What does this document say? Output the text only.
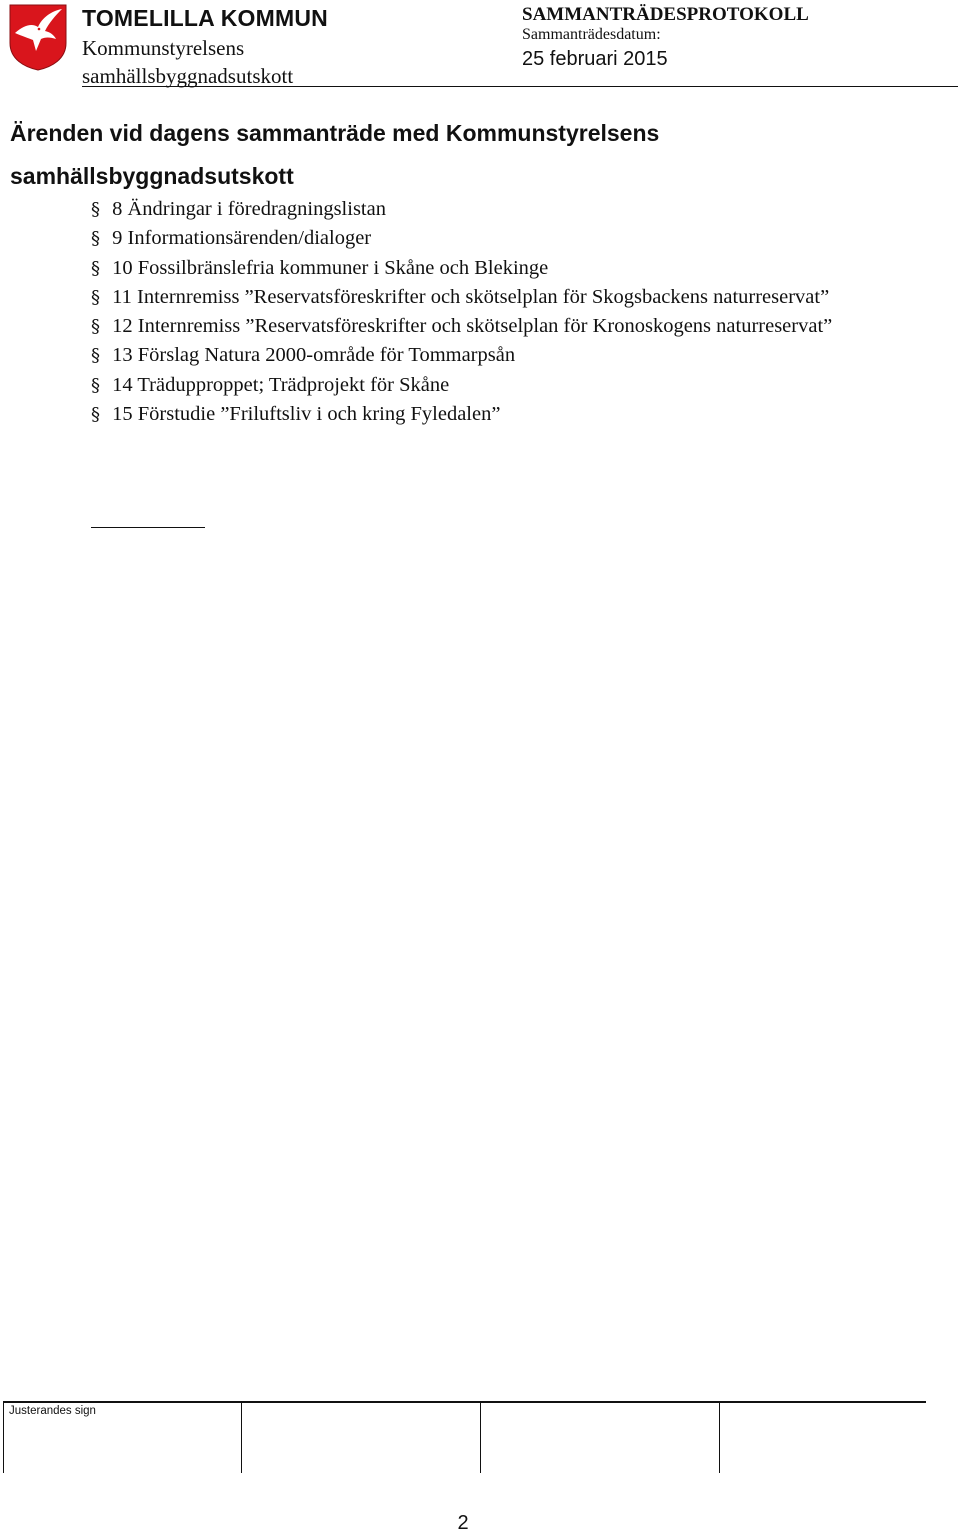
TOMELILLA KOMMUN
Kommunstyrelsens
samhällsbyggnadsutskott
SAMMANTRÄDESPROTOKOLL
Sammanträdesdatum:
25 februari 2015
Ärenden vid dagens sammanträde med Kommunstyrelsens samhällsbyggnadsutskott
§ 8 Ändringar i föredragningslistan
§ 9 Informationsärenden/dialoger
§ 10 Fossilbränslefria kommuner i Skåne och Blekinge
§ 11 Internremiss ”Reservatsföreskrifter och skötselplan för Skogsbackens naturreservat”
§ 12 Internremiss ”Reservatsföreskrifter och skötselplan för Kronoskogens naturreservat”
§ 13 Förslag Natura 2000-område för Tommarpsån
§ 14 Trädupproppet; Trädprojekt för Skåne
§ 15 Förstudie ”Friluftsliv i och kring Fyledalen”
Justerandes sign
2
